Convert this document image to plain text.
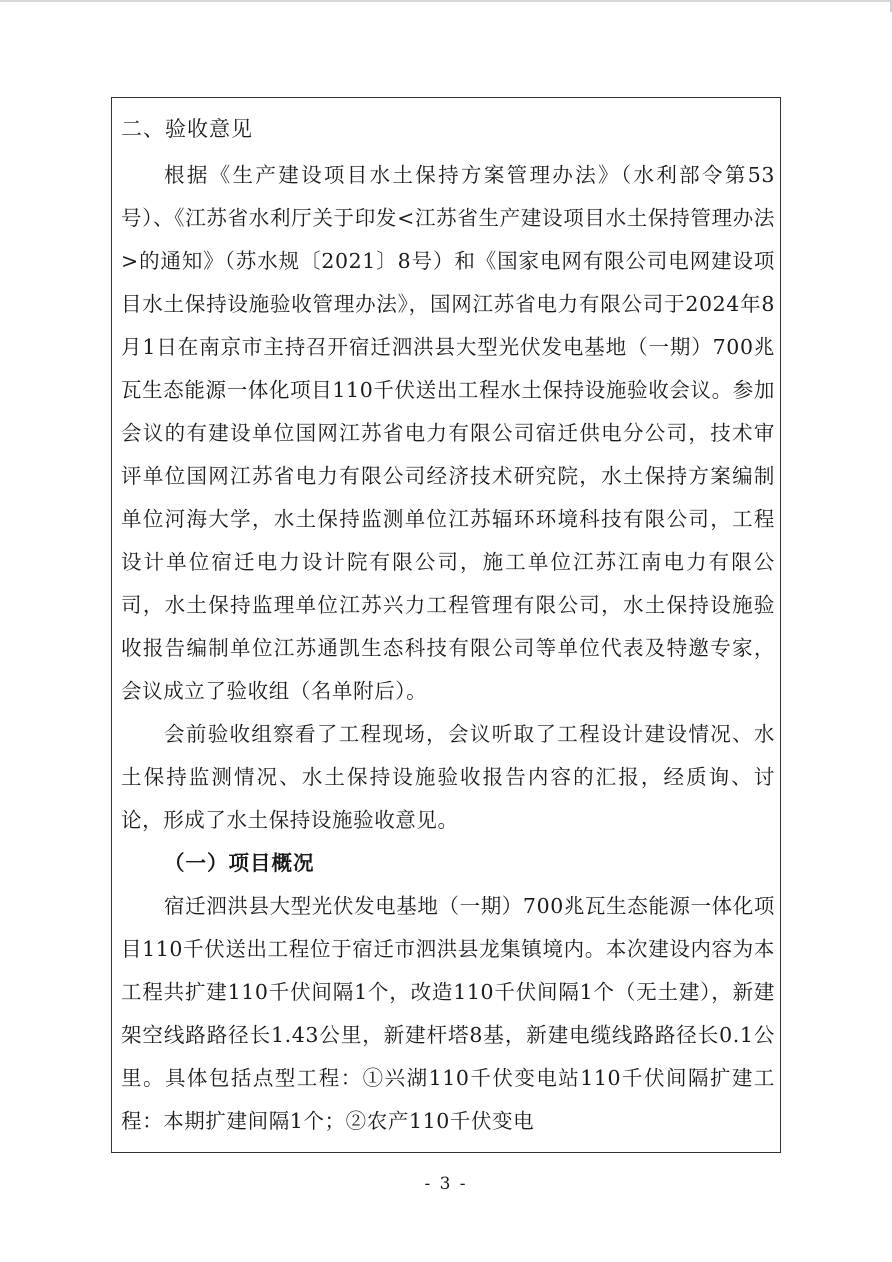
二、验收意见

根据《生产建设项目水土保持方案管理办法》（水利部令第53号）、《江苏省水利厅关于印发<江苏省生产建设项目水土保持管理办法>的通知》（苏水规〔2021〕8号）和《国家电网有限公司电网建设项目水土保持设施验收管理办法》，国网江苏省电力有限公司于2024年8月1日在南京市主持召开宿迁泗洪县大型光伏发电基地（一期）700兆瓦生态能源一体化项目110千伏送出工程水土保持设施验收会议。参加会议的有建设单位国网江苏省电力有限公司宿迁供电分公司，技术审评单位国网江苏省电力有限公司经济技术研究院，水土保持方案编制单位河海大学，水土保持监测单位江苏辐环环境科技有限公司，工程设计单位宿迁电力设计院有限公司，施工单位江苏江南电力有限公司，水土保持监理单位江苏兴力工程管理有限公司，水土保持设施验收报告编制单位江苏通凯生态科技有限公司等单位代表及特邀专家，会议成立了验收组（名单附后）。

会前验收组察看了工程现场，会议听取了工程设计建设情况、水土保持监测情况、水土保持设施验收报告内容的汇报，经质询、讨论，形成了水土保持设施验收意见。

（一）项目概况

宿迁泗洪县大型光伏发电基地（一期）700兆瓦生态能源一体化项目110千伏送出工程位于宿迁市泗洪县龙集镇境内。本次建设内容为本工程共扩建110千伏间隔1个，改造110千伏间隔1个（无土建），新建架空线路路径长1.43公里，新建杆塔8基，新建电缆线路路径长0.1公里。具体包括点型工程：①兴湖110千伏变电站110千伏间隔扩建工程：本期扩建间隔1个；②农产110千伏变电

- 3 -
